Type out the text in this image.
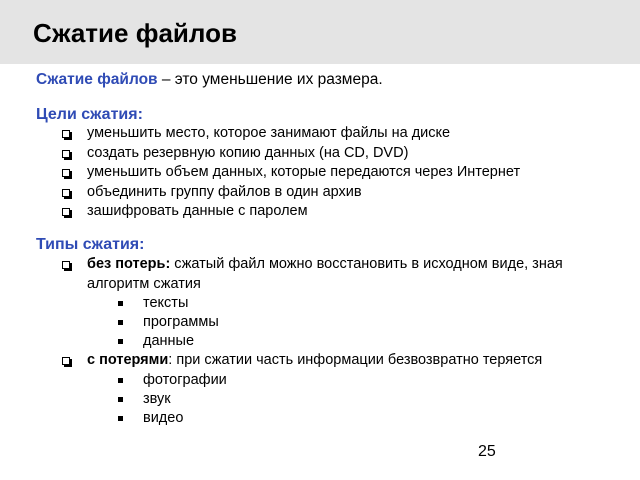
Сжатие файлов
Сжатие файлов – это уменьшение их размера.
Цели сжатия:
уменьшить место, которое занимают файлы на диске
создать резервную копию данных (на CD, DVD)
уменьшить объем данных, которые передаются через Интернет
объединить группу файлов в один архив
зашифровать данные с паролем
Типы сжатия:
без потерь: сжатый файл можно восстановить в исходном виде, зная алгоритм сжатия
тексты
программы
данные
с потерями: при сжатии часть информации безвозвратно теряется
фотографии
звук
видео
25
